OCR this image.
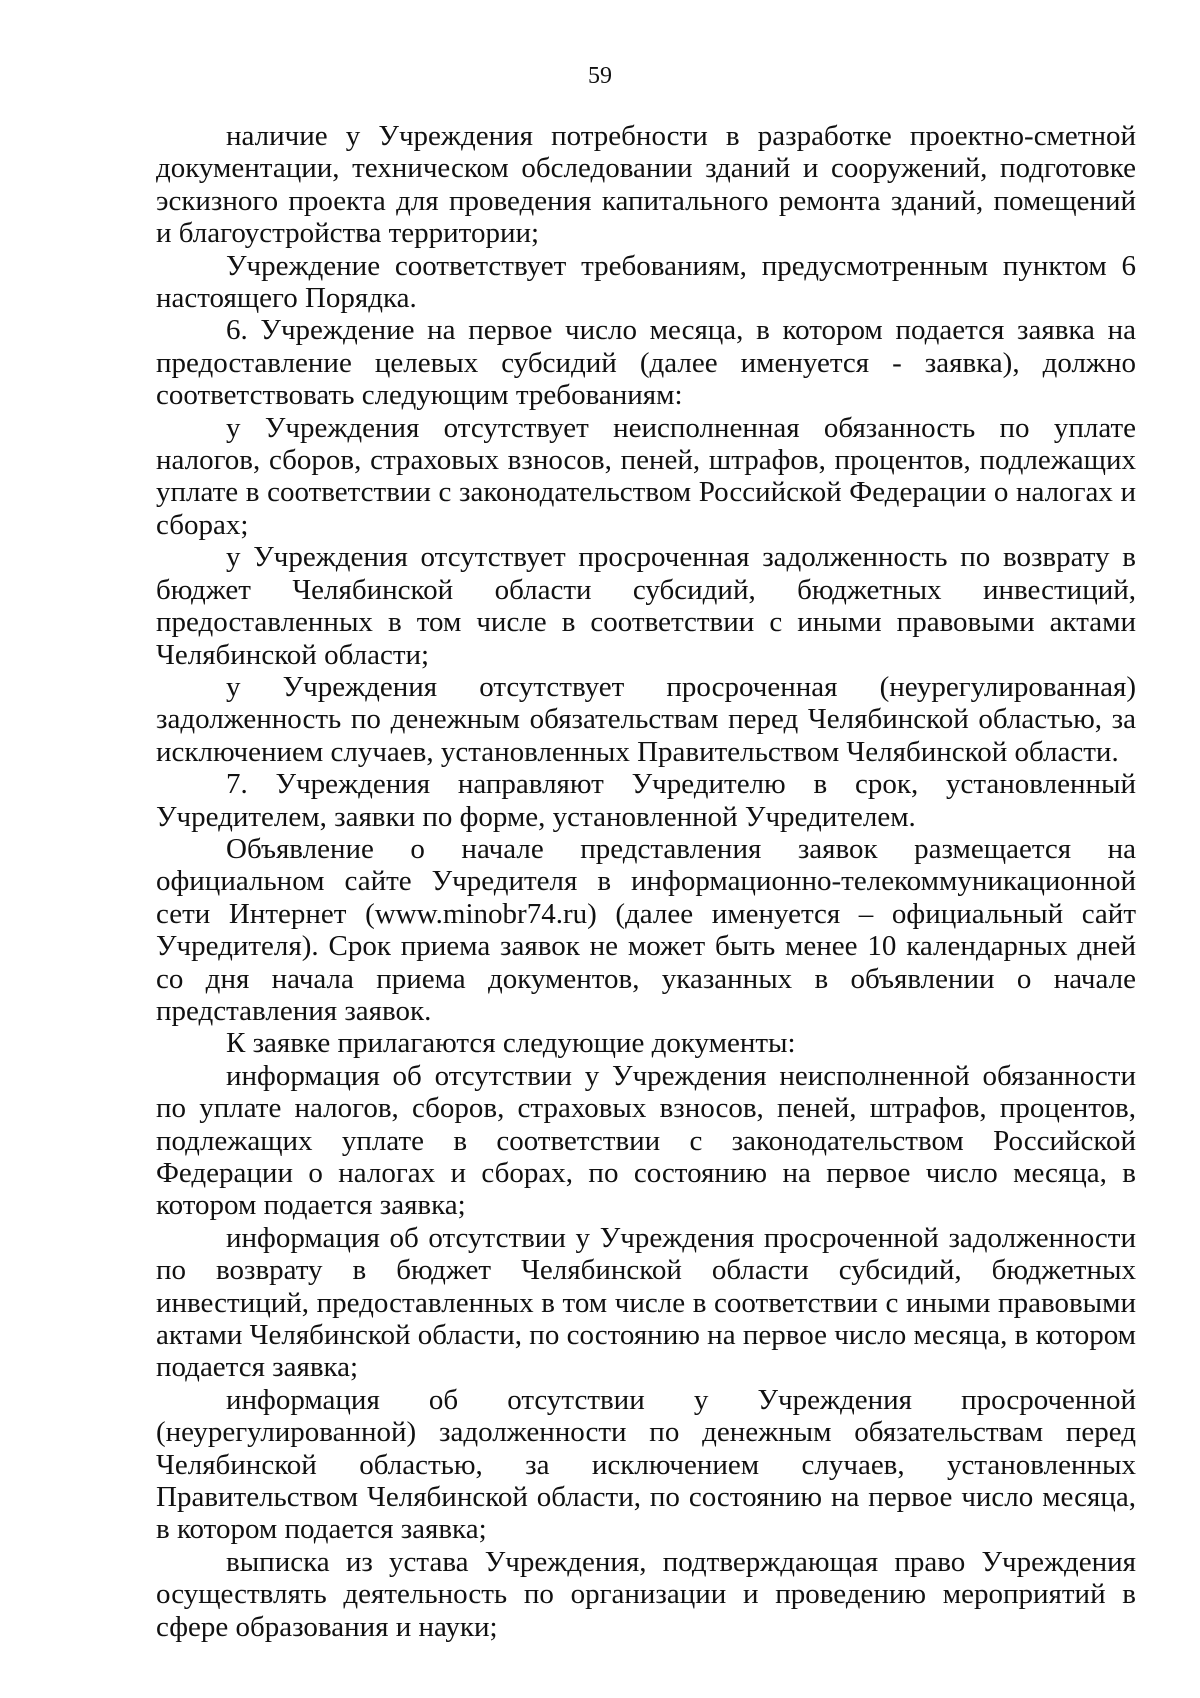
59

наличие у Учреждения потребности в разработке проектно-сметной документации, техническом обследовании зданий и сооружений, подготовке эскизного проекта для проведения капитального ремонта зданий, помещений и благоустройства территории;

Учреждение соответствует требованиям, предусмотренным пунктом 6 настоящего Порядка.

6. Учреждение на первое число месяца, в котором подается заявка на предоставление целевых субсидий (далее именуется - заявка), должно соответствовать следующим требованиям:

у Учреждения отсутствует неисполненная обязанность по уплате налогов, сборов, страховых взносов, пеней, штрафов, процентов, подлежащих уплате в соответствии с законодательством Российской Федерации о налогах и сборах;

у Учреждения отсутствует просроченная задолженность по возврату в бюджет Челябинской области субсидий, бюджетных инвестиций, предоставленных в том числе в соответствии с иными правовыми актами Челябинской области;

у Учреждения отсутствует просроченная (неурегулированная) задолженность по денежным обязательствам перед Челябинской областью, за исключением случаев, установленных Правительством Челябинской области.

7. Учреждения направляют Учредителю в срок, установленный Учредителем, заявки по форме, установленной Учредителем.

Объявление о начале представления заявок размещается на официальном сайте Учредителя в информационно-телекоммуникационной сети Интернет (www.minobr74.ru) (далее именуется – официальный сайт Учредителя). Срок приема заявок не может быть менее 10 календарных дней со дня начала приема документов, указанных в объявлении о начале представления заявок.

К заявке прилагаются следующие документы:

информация об отсутствии у Учреждения неисполненной обязанности по уплате налогов, сборов, страховых взносов, пеней, штрафов, процентов, подлежащих уплате в соответствии с законодательством Российской Федерации о налогах и сборах, по состоянию на первое число месяца, в котором подается заявка;

информация об отсутствии у Учреждения просроченной задолженности по возврату в бюджет Челябинской области субсидий, бюджетных инвестиций, предоставленных в том числе в соответствии с иными правовыми актами Челябинской области, по состоянию на первое число месяца, в котором подается заявка;

информация об отсутствии у Учреждения просроченной (неурегулированной) задолженности по денежным обязательствам перед Челябинской областью, за исключением случаев, установленных Правительством Челябинской области, по состоянию на первое число месяца, в котором подается заявка;

выписка из устава Учреждения, подтверждающая право Учреждения осуществлять деятельность по организации и проведению мероприятий в сфере образования и науки;
